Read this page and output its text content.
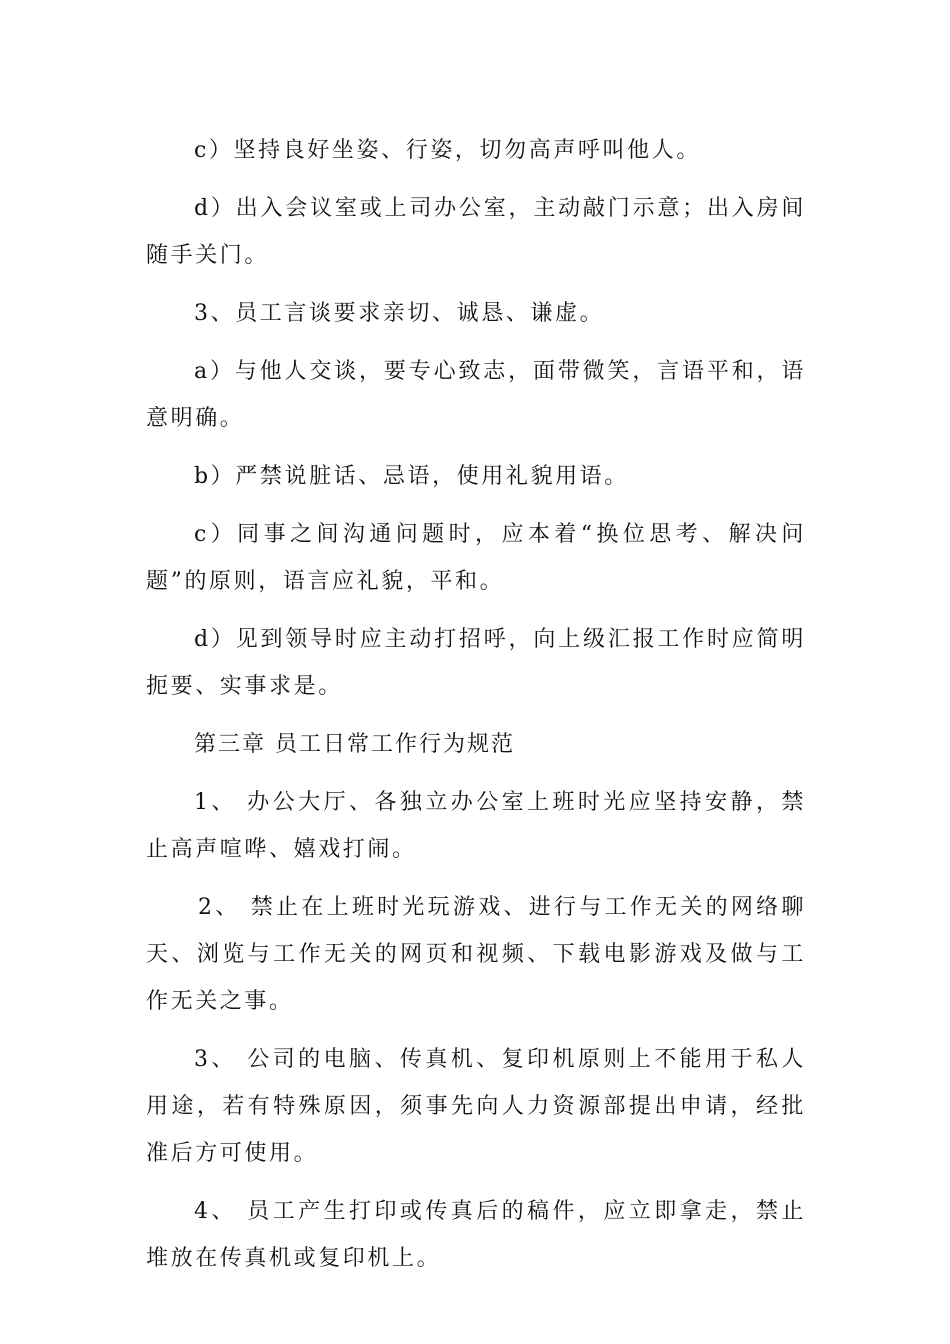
c）坚持良好坐姿、行姿，切勿高声呼叫他人。

d）出入会议室或上司办公室，主动敲门示意；出入房间随手关门。

3、员工言谈要求亲切、诚恳、谦虚。

a）与他人交谈，要专心致志，面带微笑，言语平和，语意明确。

b）严禁说脏话、忌语，使用礼貌用语。

c）同事之间沟通问题时，应本着“换位思考、解决问题”的原则，语言应礼貌，平和。

d）见到领导时应主动打招呼，向上级汇报工作时应简明扼要、实事求是。

第三章 员工日常工作行为规范

1、 办公大厅、各独立办公室上班时光应坚持安静，禁止高声喧哗、嬉戏打闹。

2、 禁止在上班时光玩游戏、进行与工作无关的网络聊天、浏览与工作无关的网页和视频、下载电影游戏及做与工作无关之事。

3、 公司的电脑、传真机、复印机原则上不能用于私人用途，若有特殊原因，须事先向人力资源部提出申请，经批准后方可使用。

4、 员工产生打印或传真后的稿件，应立即拿走，禁止堆放在传真机或复印机上。
